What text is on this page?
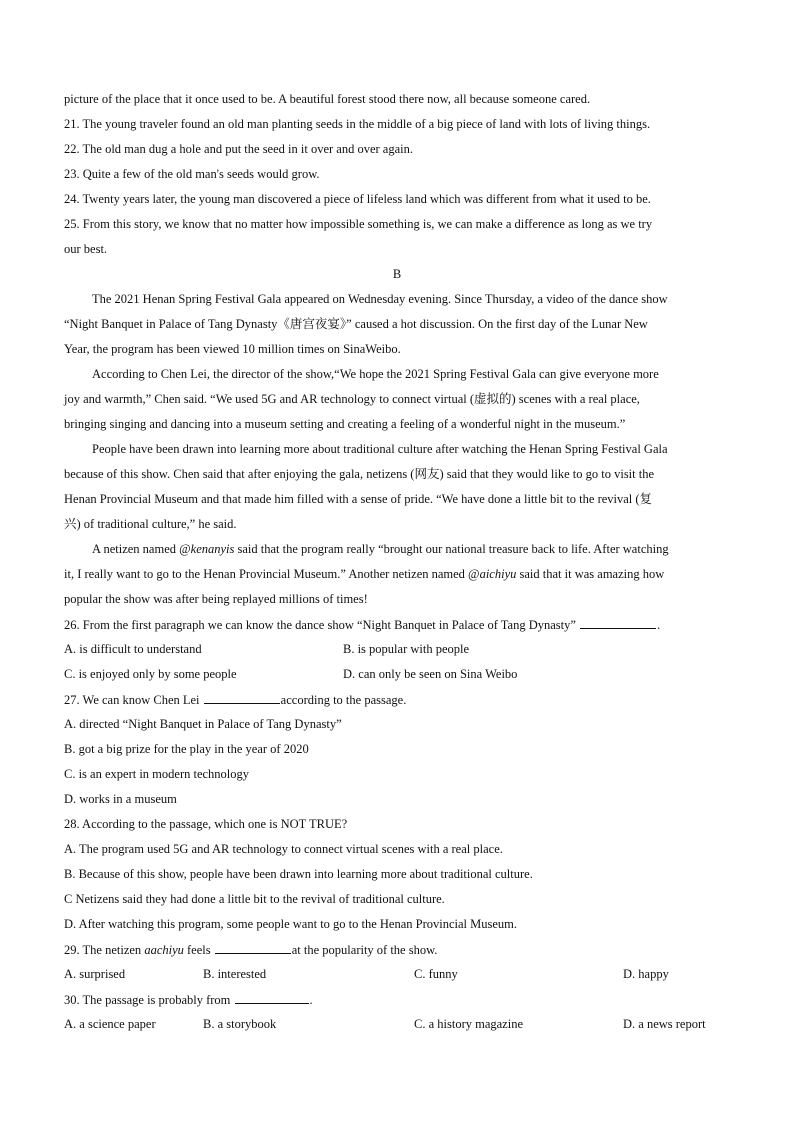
picture of the place that it once used to be. A beautiful forest stood there now, all because someone cared.
21. The young traveler found an old man planting seeds in the middle of a big piece of land with lots of living things.
22. The old man dug a hole and put the seed in it over and over again.
23. Quite a few of the old man's seeds would grow.
24. Twenty years later, the young man discovered a piece of lifeless land which was different from what it used to be.
25. From this story, we know that no matter how impossible something is, we can make a difference as long as we try
our best.
B
The 2021 Henan Spring Festival Gala appeared on Wednesday evening. Since Thursday, a video of the dance show
“Night Banquet in Palace of Tang Dynasty《唐宫夜宴》” caused a hot discussion. On the first day of the Lunar New
Year, the program has been viewed 10 million times on SinaWeibo.
According to Chen Lei, the director of the show,“We hope the 2021 Spring Festival Gala can give everyone more
joy and warmth,” Chen said. “We used 5G and AR technology to connect virtual (虚拟的) scenes with a real place,
bringing singing and dancing into a museum setting and creating a feeling of a wonderful night in the museum.”
People have been drawn into learning more about traditional culture after watching the Henan Spring Festival Gala
because of this show. Chen said that after enjoying the gala, netizens (网友) said that they would like to go to visit the
Henan Provincial Museum and that made him filled with a sense of pride. “We have done a little bit to the revival (复
兴) of traditional culture,” he said.
A netizen named @kenanyis said that the program really “brought our national treasure back to life. After watching
it, I really want to go to the Henan Provincial Museum.” Another netizen named @aichiyu said that it was amazing how
popular the show was after being replayed millions of times!
26. From the first paragraph we can know the dance show “Night Banquet in Palace of Tang Dynasty”	.
A. is difficult to understand	B. is popular with people
C. is enjoyed only by some people	D. can only be seen on Sina Weibo
27. We can know Chen Lei	according to the passage.
A. directed “Night Banquet in Palace of Tang Dynasty”
B. got a big prize for the play in the year of 2020
C. is an expert in modern technology
D. works in a museum
28. According to the passage, which one is NOT TRUE?
A. The program used 5G and AR technology to connect virtual scenes with a real place.
B. Because of this show, people have been drawn into learning more about traditional culture.
C Netizens said they had done a little bit to the revival of traditional culture.
D. After watching this program, some people want to go to the Henan Provincial Museum.
29. The netizen aachiyu feels	at the popularity of the show.
A. surprised	B. interested	C. funny	D. happy
30. The passage is probably from	.
A. a science paper	B. a storybook	C. a history magazine	D. a news report
